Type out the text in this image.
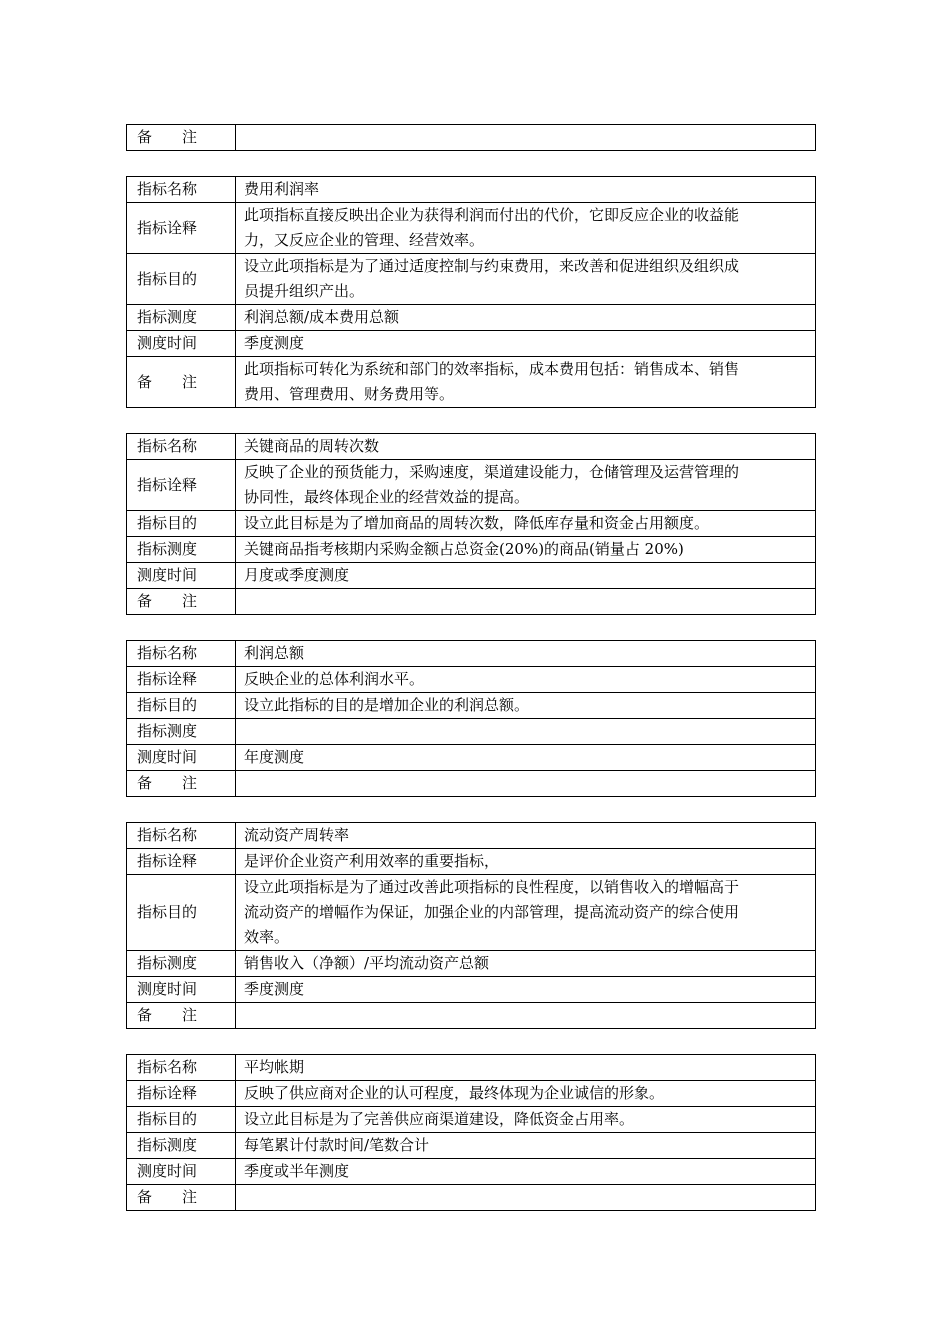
备　　注	
指标名称	费用利润率

指标诠释	此项指标直接反映出企业为获得利润而付出的代价，它即反应企业的收益能
力，又反应企业的管理、经营效率。

指标目的	设立此项指标是为了通过适度控制与约束费用，来改善和促进组织及组织成
员提升组织产出。

指标测度	利润总额/成本费用总额

测度时间	季度测度

备　　注	此项指标可转化为系统和部门的效率指标，成本费用包括：销售成本、销售
费用、管理费用、财务费用等。
指标名称	关键商品的周转次数

指标诠释	反映了企业的预货能力，采购速度，渠道建设能力，仓储管理及运营管理的
协同性，最终体现企业的经营效益的提高。

指标目的	设立此目标是为了增加商品的周转次数，降低库存量和资金占用额度。

指标测度	关键商品指考核期内采购金额占总资金(20%)的商品(销量占 20%)

测度时间	月度或季度测度

备　　注	
指标名称	利润总额

指标诠释	反映企业的总体利润水平。

指标目的	设立此指标的目的是增加企业的利润总额。

指标测度	
测度时间	年度测度

备　　注	
指标名称	流动资产周转率

指标诠释	是评价企业资产利用效率的重要指标，

指标目的	设立此项指标是为了通过改善此项指标的良性程度，以销售收入的增幅高于
流动资产的增幅作为保证，加强企业的内部管理，提高流动资产的综合使用
效率。

指标测度	销售收入（净额）/平均流动资产总额

测度时间	季度测度

备　　注	
指标名称	平均帐期

指标诠释	反映了供应商对企业的认可程度，最终体现为企业诚信的形象。

指标目的	设立此目标是为了完善供应商渠道建设，降低资金占用率。

指标测度	每笔累计付款时间/笔数合计

测度时间	季度或半年测度

备　　注	
